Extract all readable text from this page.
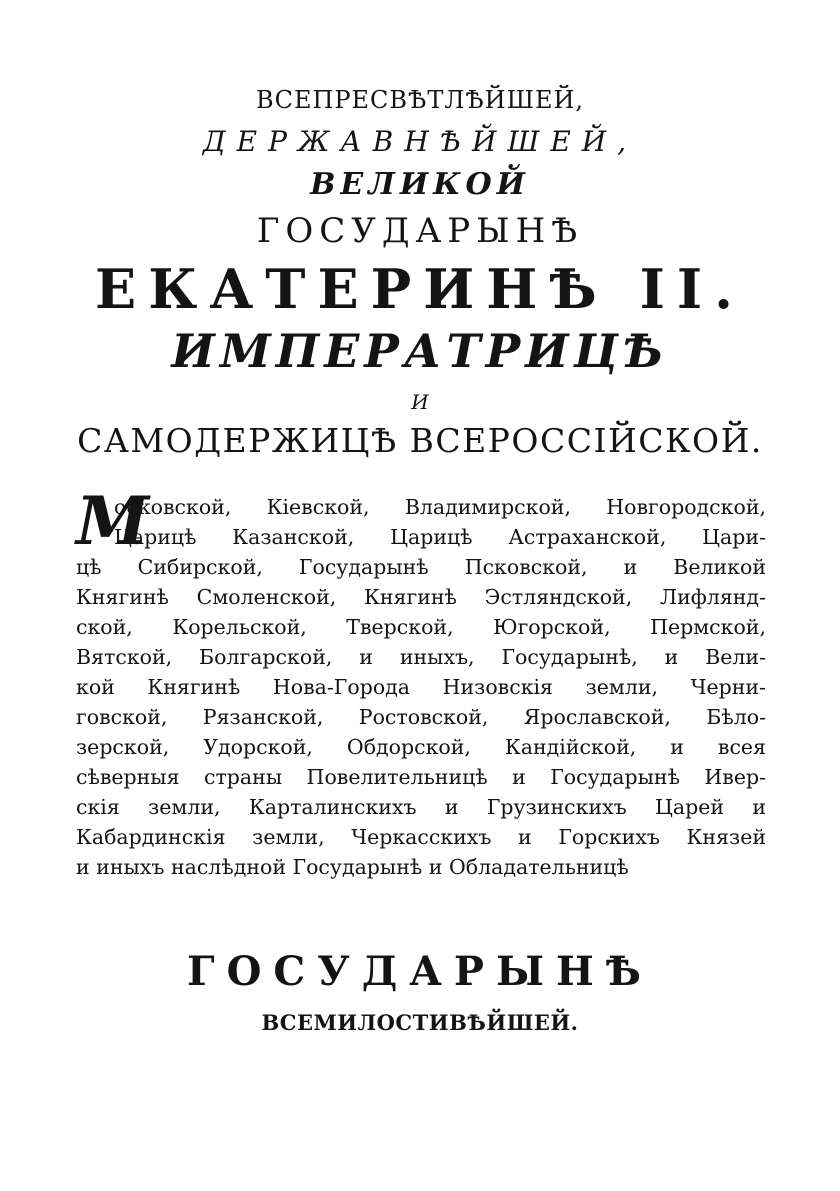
ВСЕПРЕСВѢТЛѢЙШЕЙ,
ДЕРЖАВНѢЙШЕЙ,
ВЕЛИКОЙ
ГОСУДАРЫНѢ
ЕКАТЕРИНѢ II.
ИМПЕРАТРИЦѢ
И
САМОДЕРЖИЦѢ ВСЕРОССІЙСКОЙ.
М
осковской, Кіевской, Владимирской, Новгородской,
Царицѣ Казанской, Царицѣ Астраханской, Цари-
цѣ Сибирской, Государынѣ Псковской, и Великой
Княгинѣ Смоленской, Княгинѣ Эстляндской, Лифлянд-
ской, Корельской, Тверской, Югорской, Пермской,
Вятской, Болгарской, и иныхъ, Государынѣ, и Вели-
кой Княгинѣ Нова-Города Низовскія земли, Черни-
говской, Рязанской, Ростовской, Ярославской, Бѣло-
зерской, Удорской, Обдорской, Кандійской, и всея
сѣверныя страны Повелительницѣ и Государынѣ Ивер-
скія земли, Карталинскихъ и Грузинскихъ Царей и
Кабардинскія земли, Черкасскихъ и Горскихъ Князей
и иныхъ наслѣдной Государынѣ и Обладательницѣ
ГОСУДАРЫНѢ
ВСЕМИЛОСТИВѢЙШЕЙ.
